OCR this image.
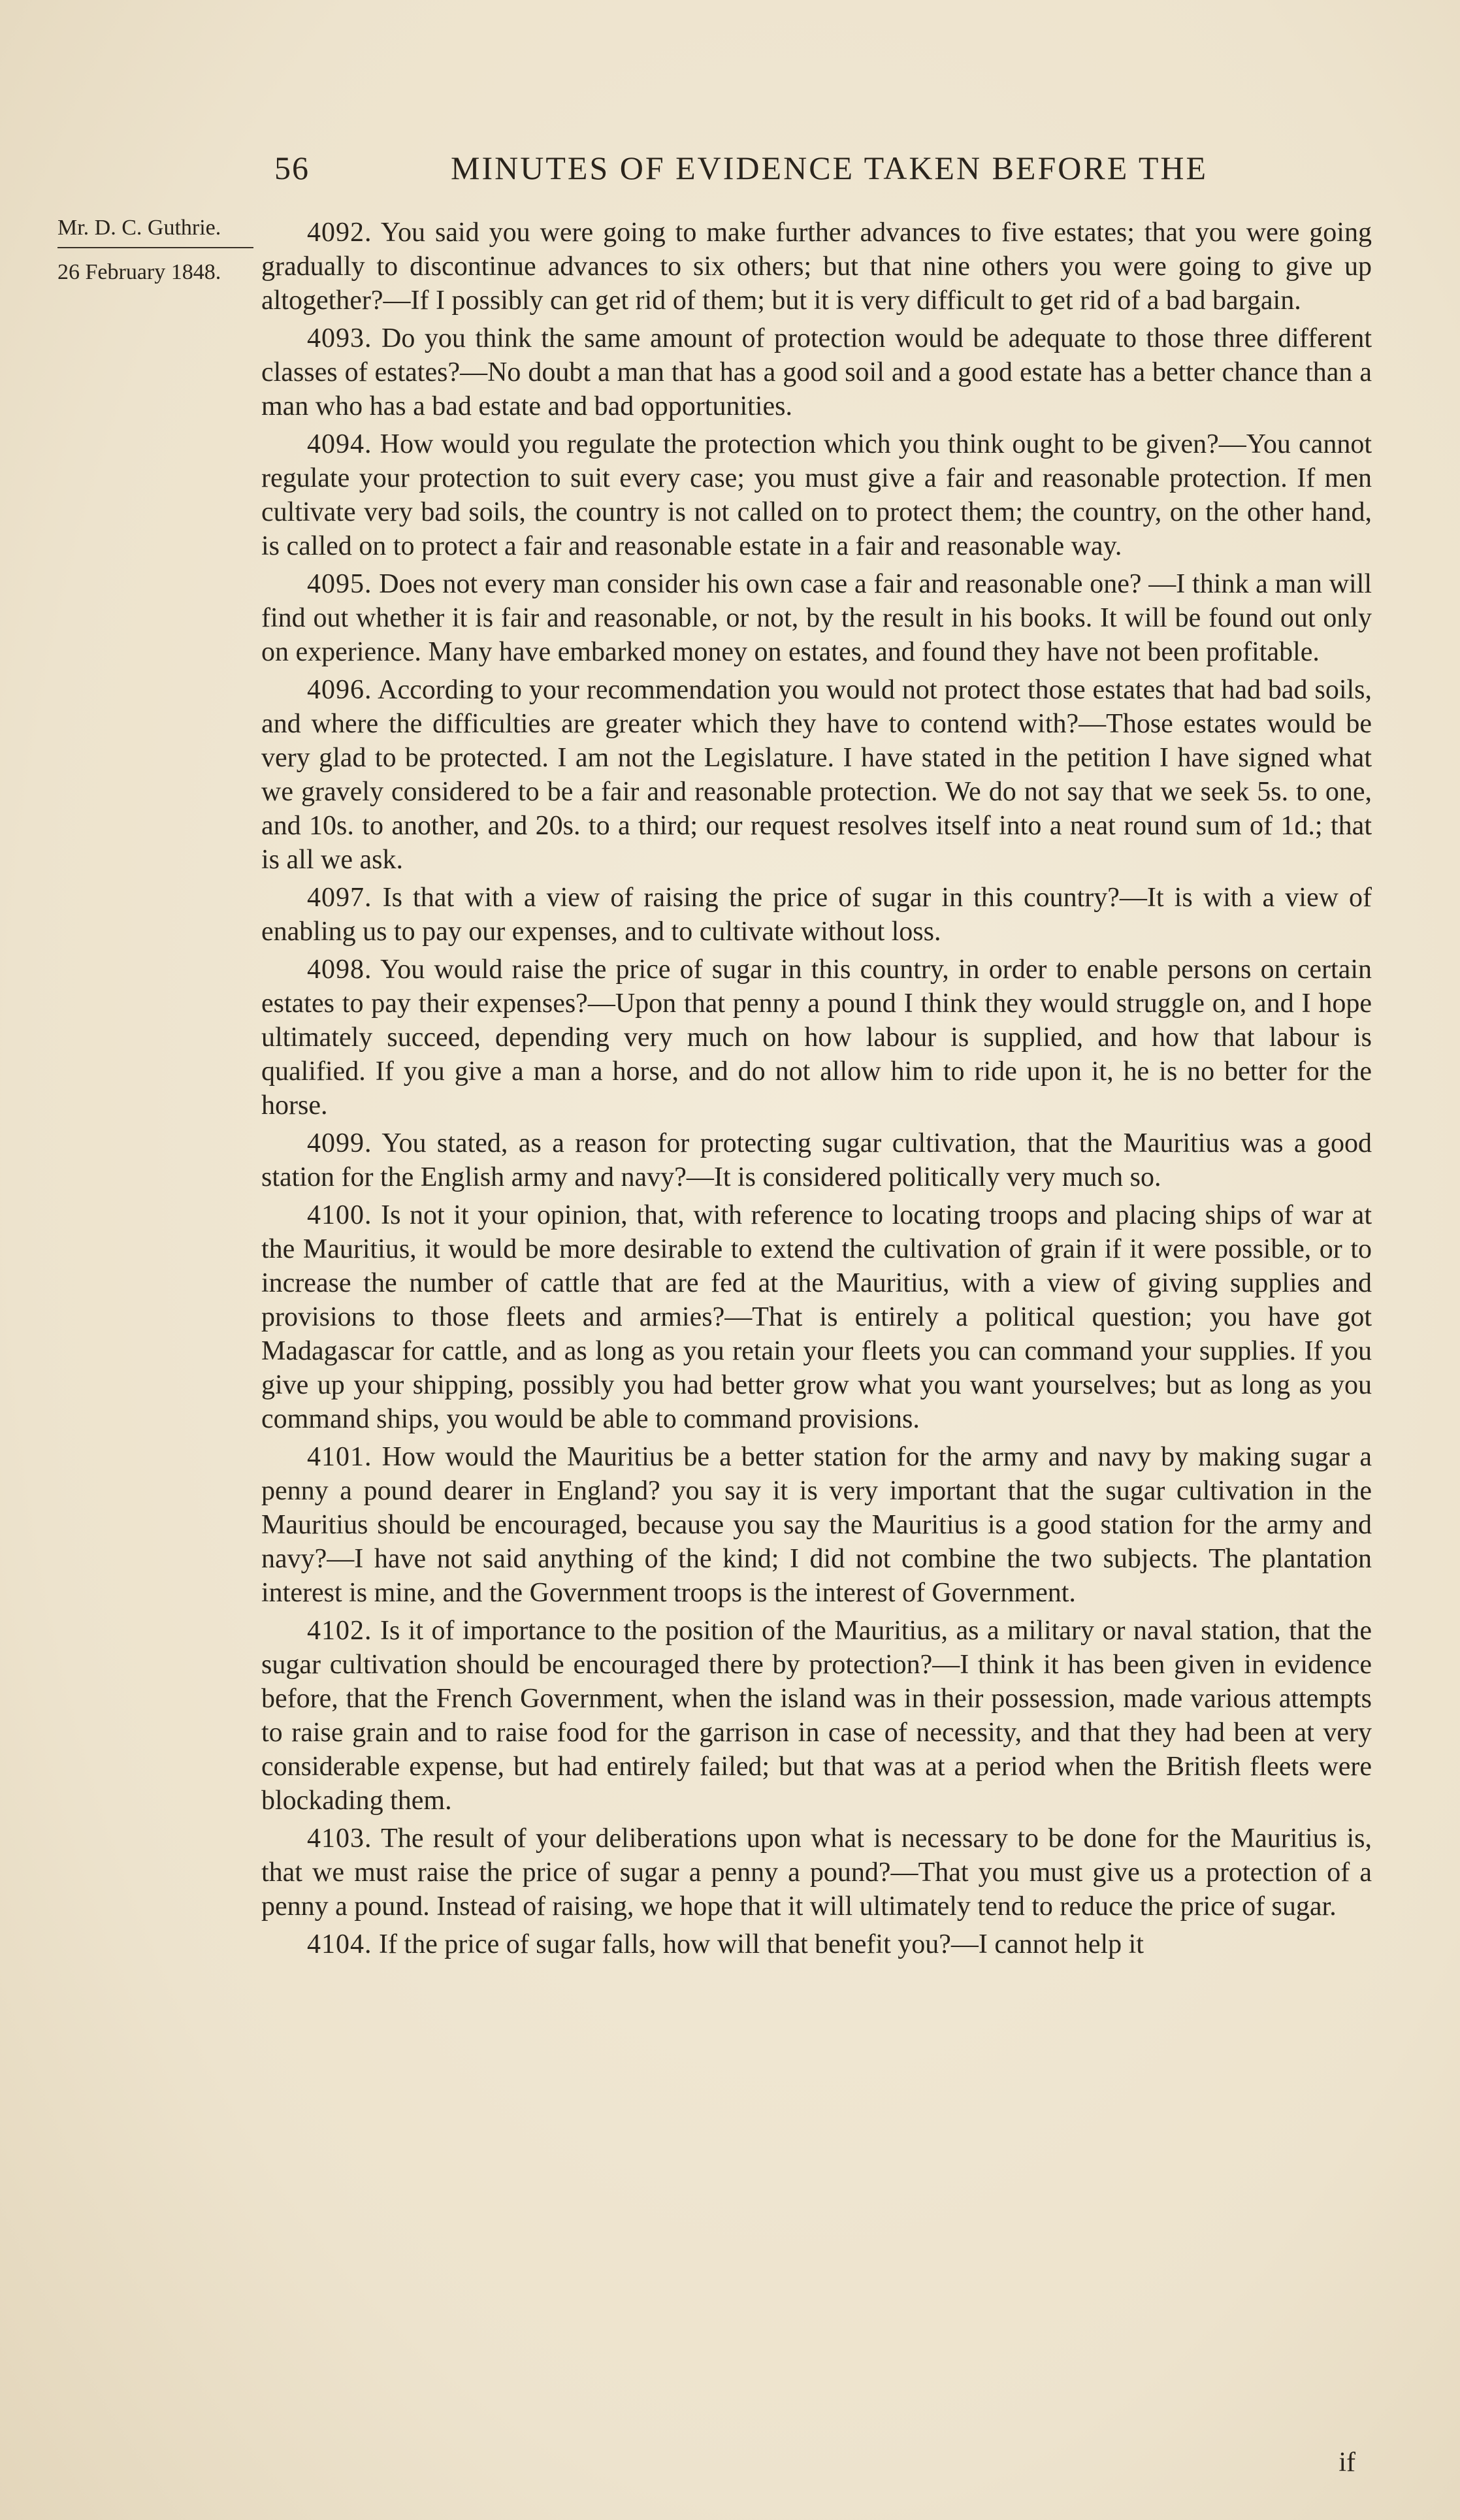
56	MINUTES OF EVIDENCE TAKEN BEFORE THE
Mr. D. C. Guthrie.
26 February 1848.

4092. You said you were going to make further advances to five estates; that you were going gradually to discontinue advances to six others; but that nine others you were going to give up altogether?—If I possibly can get rid of them; but it is very difficult to get rid of a bad bargain.

4093. Do you think the same amount of protection would be adequate to those three different classes of estates?—No doubt a man that has a good soil and a good estate has a better chance than a man who has a bad estate and bad opportunities.

4094. How would you regulate the protection which you think ought to be given?—You cannot regulate your protection to suit every case; you must give a fair and reasonable protection. If men cultivate very bad soils, the country is not called on to protect them; the country, on the other hand, is called on to protect a fair and reasonable estate in a fair and reasonable way.

4095. Does not every man consider his own case a fair and reasonable one? —I think a man will find out whether it is fair and reasonable, or not, by the result in his books. It will be found out only on experience. Many have embarked money on estates, and found they have not been profitable.

4096. According to your recommendation you would not protect those estates that had bad soils, and where the difficulties are greater which they have to contend with?—Those estates would be very glad to be protected. I am not the Legislature. I have stated in the petition I have signed what we gravely considered to be a fair and reasonable protection. We do not say that we seek 5s. to one, and 10s. to another, and 20s. to a third; our request resolves itself into a neat round sum of 1d.; that is all we ask.

4097. Is that with a view of raising the price of sugar in this country?—It is with a view of enabling us to pay our expenses, and to cultivate without loss.

4098. You would raise the price of sugar in this country, in order to enable persons on certain estates to pay their expenses?—Upon that penny a pound I think they would struggle on, and I hope ultimately succeed, depending very much on how labour is supplied, and how that labour is qualified. If you give a man a horse, and do not allow him to ride upon it, he is no better for the horse.

4099. You stated, as a reason for protecting sugar cultivation, that the Mauritius was a good station for the English army and navy?—It is considered politically very much so.

4100. Is not it your opinion, that, with reference to locating troops and placing ships of war at the Mauritius, it would be more desirable to extend the cultivation of grain if it were possible, or to increase the number of cattle that are fed at the Mauritius, with a view of giving supplies and provisions to those fleets and armies?—That is entirely a political question; you have got Madagascar for cattle, and as long as you retain your fleets you can command your supplies. If you give up your shipping, possibly you had better grow what you want yourselves; but as long as you command ships, you would be able to command provisions.

4101. How would the Mauritius be a better station for the army and navy by making sugar a penny a pound dearer in England? you say it is very important that the sugar cultivation in the Mauritius should be encouraged, because you say the Mauritius is a good station for the army and navy?—I have not said anything of the kind; I did not combine the two subjects. The plantation interest is mine, and the Government troops is the interest of Government.

4102. Is it of importance to the position of the Mauritius, as a military or naval station, that the sugar cultivation should be encouraged there by protection?—I think it has been given in evidence before, that the French Government, when the island was in their possession, made various attempts to raise grain and to raise food for the garrison in case of necessity, and that they had been at very considerable expense, but had entirely failed; but that was at a period when the British fleets were blockading them.

4103. The result of your deliberations upon what is necessary to be done for the Mauritius is, that we must raise the price of sugar a penny a pound?—That you must give us a protection of a penny a pound. Instead of raising, we hope that it will ultimately tend to reduce the price of sugar.

4104. If the price of sugar falls, how will that benefit you?—I cannot help it

if
